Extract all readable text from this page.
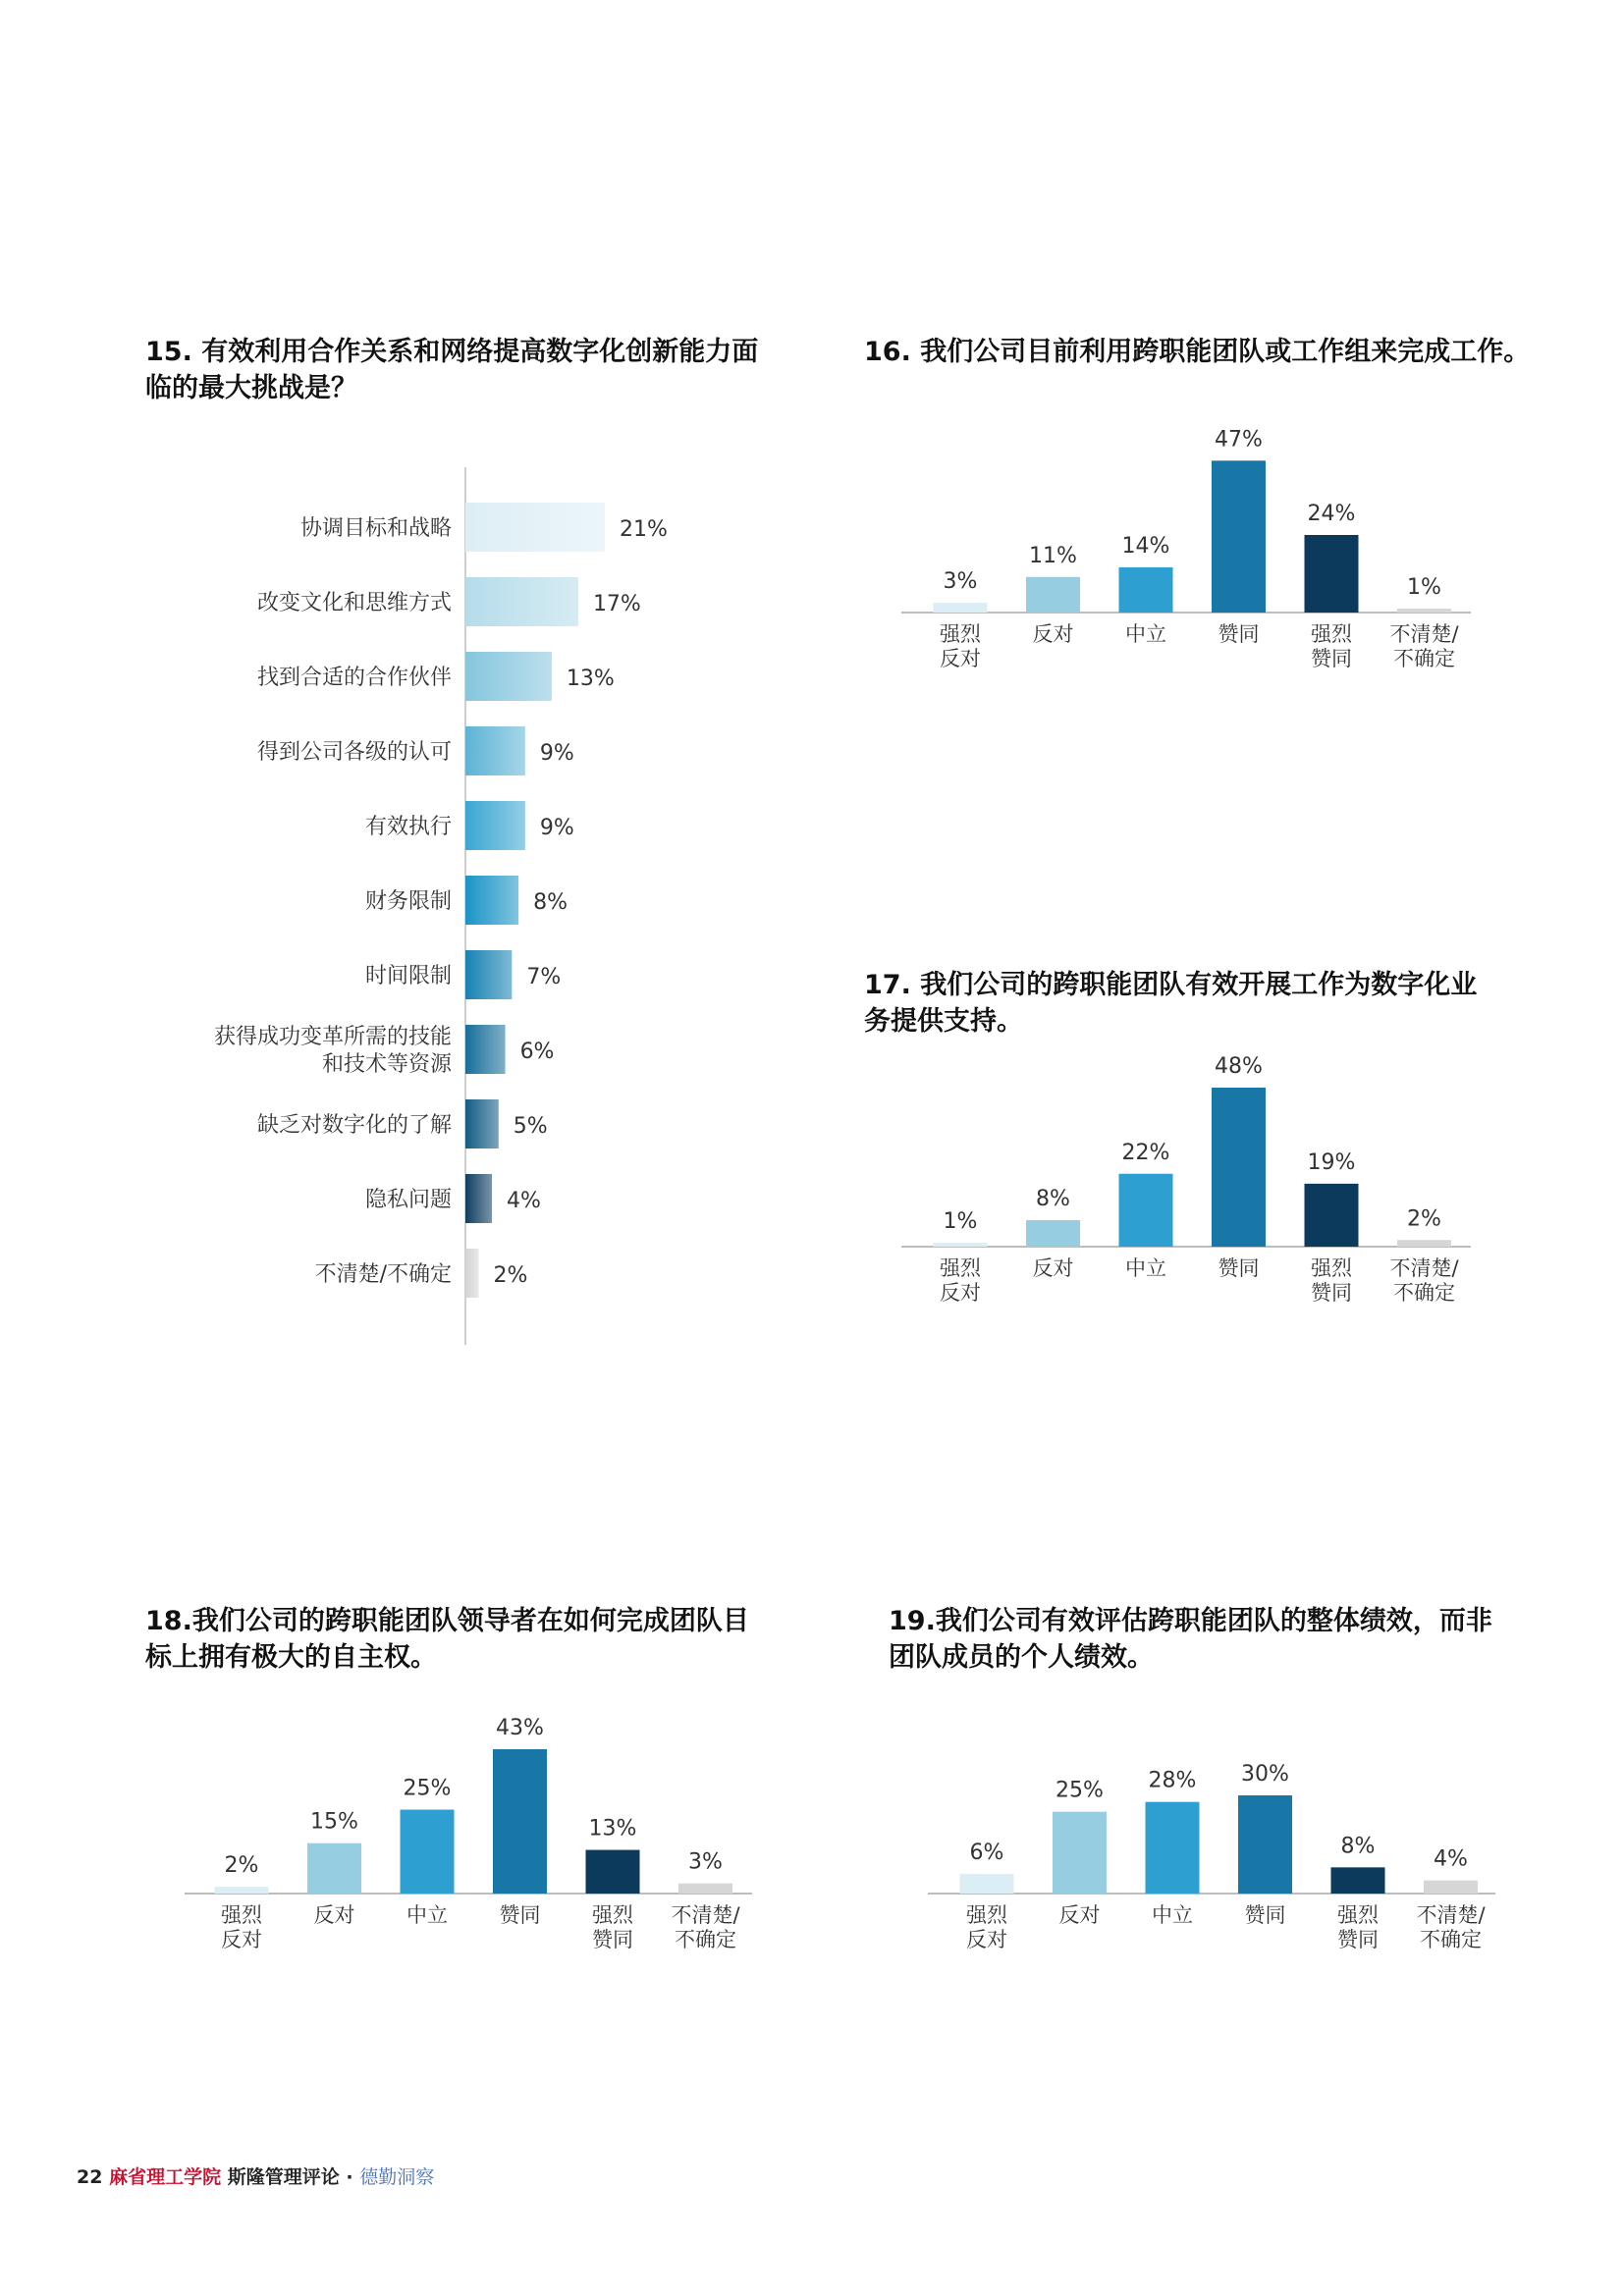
15. 有效利用合作关系和网络提高数字化创新能力面
临的最大挑战是？
21%
协调目标和战略
17%
改变文化和思维方式
13%
找到合适的合作伙伴
9%
得到公司各级的认可
9%
有效执行
8%
财务限制
7%
时间限制
6%
获得成功变革所需的技能和技术等资源
5%
缺乏对数字化的了解
4%
隐私问题
2%
不清楚/不确定
16. 我们公司目前利用跨职能团队或工作组来完成工作。
3%
强烈反对
11%
反对
14%
中立
47%
赞同
24%
强烈赞同
1%
不清楚/不确定
17. 我们公司的跨职能团队有效开展工作为数字化业
务提供支持。
1%
强烈反对
8%
反对
22%
中立
48%
赞同
19%
强烈赞同
2%
不清楚/不确定
18.我们公司的跨职能团队领导者在如何完成团队目
标上拥有极大的自主权。
2%
强烈反对
15%
反对
25%
中立
43%
赞同
13%
强烈赞同
3%
不清楚/不确定
19.我们公司有效评估跨职能团队的整体绩效，而非
团队成员的个人绩效。
6%
强烈反对
25%
反对
28%
中立
30%
赞同
8%
强烈赞同
4%
不清楚/不确定
22 麻省理工学院 斯隆管理评论 · 德勤洞察
